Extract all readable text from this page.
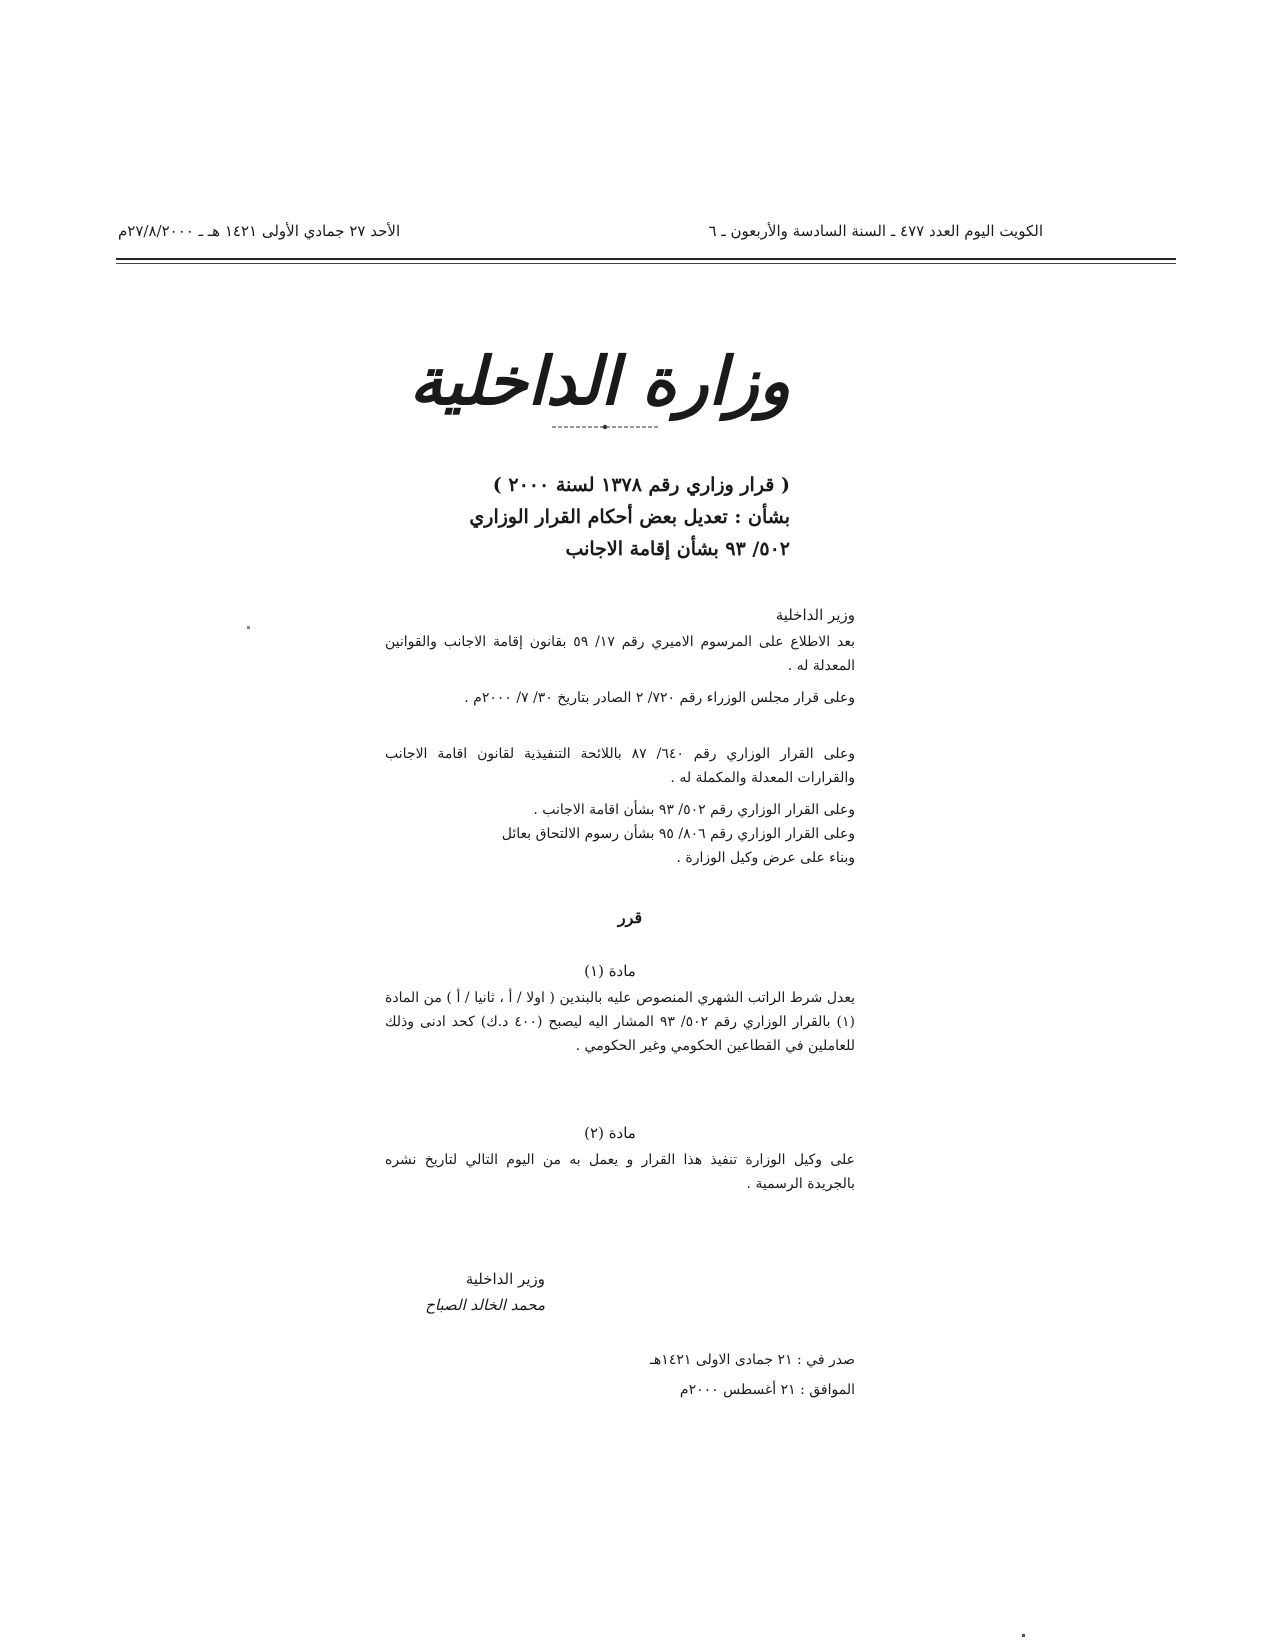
الكويت اليوم العدد ٤٧٧ ـ السنة السادسة والأربعون ـ ٦
الأحد ٢٧ جمادي الأولى ١٤٢١ هـ ـ ٢٧/٨/٢٠٠٠م
وزارة الداخلية
( قرار وزاري رقم ١٣٧٨ لسنة ٢٠٠٠ )
بشأن : تعديل بعض أحكام القرار الوزاري
٥٠٢/ ٩٣ بشأن إقامة الاجانب
وزير الداخلية
بعد الاطلاع على المرسوم الاميري رقم ١٧/ ٥٩ بقانون إقامة الاجانب والقوانين المعدلة له .
وعلى قرار مجلس الوزراء رقم ٧٢٠/ ٢ الصادر بتاريخ ٣٠/ ٧/ ٢٠٠٠م .
وعلى القرار الوزاري رقم ٦٤٠/ ٨٧ باللائحة التنفيذية لقانون اقامة الاجانب والقرارات المعدلة والمكملة له .
وعلى القرار الوزاري رقم ٥٠٢/ ٩٣ بشأن اقامة الاجانب .
وعلى القرار الوزاري رقم ٨٠٦/ ٩٥ بشأن رسوم الالتحاق بعائل
وبناء على عرض وكيل الوزارة .
قرر
مادة (١)
يعدل شرط الراتب الشهري المنصوص عليه بالبندين ( اولا / أ ، ثانيا / أ ) من المادة (١) بالقرار الوزاري رقم ٥٠٢/ ٩٣ المشار اليه ليصبح (٤٠٠ د.ك) كحد ادنى وذلك للعاملين في القطاعين الحكومي وغير الحكومي .
مادة (٢)
على وكيل الوزارة تنفيذ هذا القرار و يعمل به من اليوم التالي لتاريخ نشره بالجريدة الرسمية .
وزير الداخلية
محمد الخالد الصباح
صدر في : ٢١ جمادى الاولى ١٤٢١هـ
الموافق : ٢١ أغسطس ٢٠٠٠م
